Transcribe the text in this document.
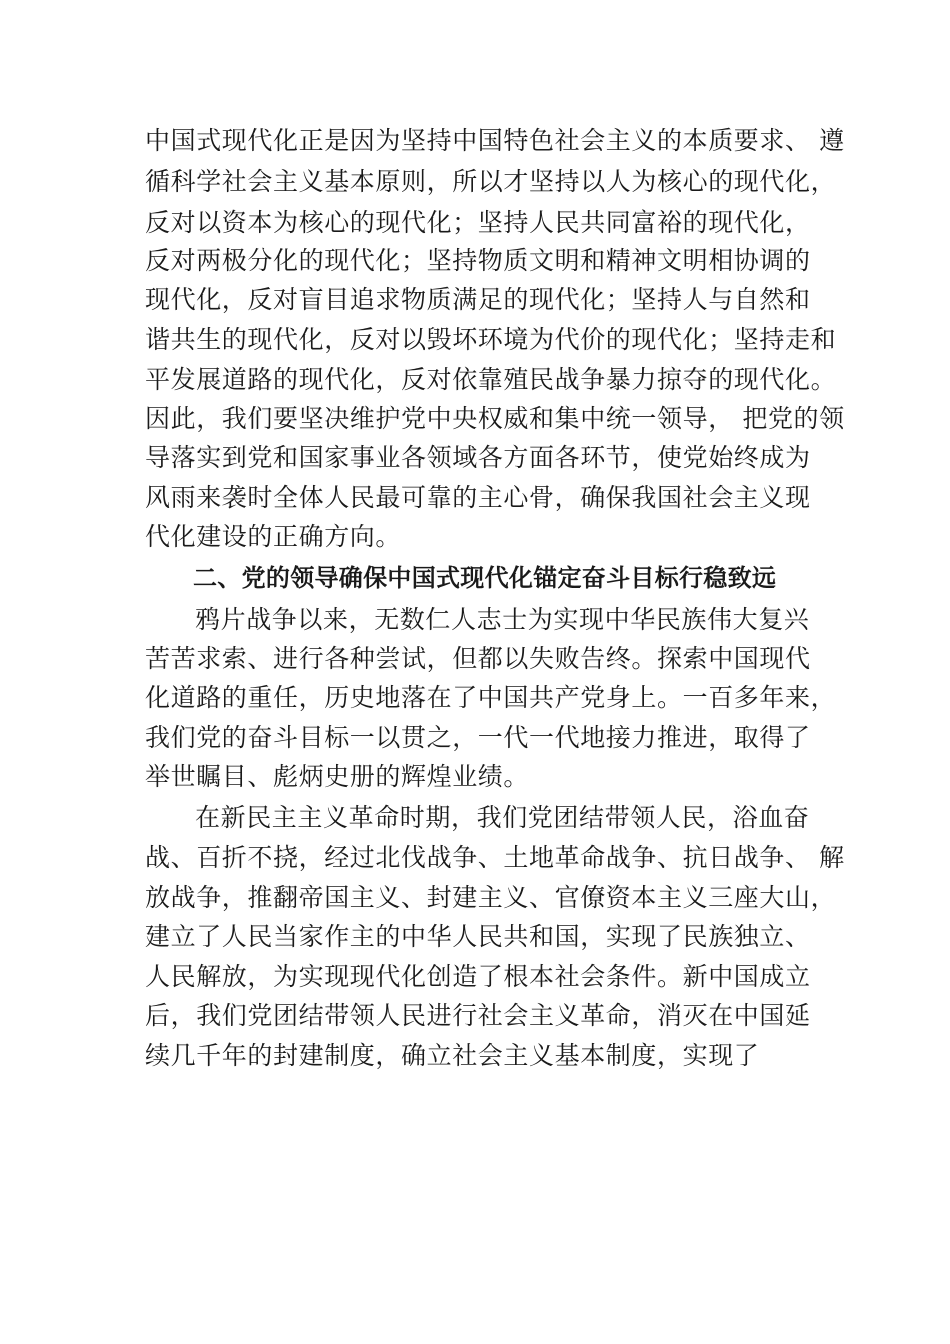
中国式现代化正是因为坚持中国特色社会主义的本质要求、 遵
循科学社会主义基本原则，所以才坚持以人为核心的现代化，
反对以资本为核心的现代化；坚持人民共同富裕的现代化，
反对两极分化的现代化；坚持物质文明和精神文明相协调的
现代化，反对盲目追求物质满足的现代化；坚持人与自然和
谐共生的现代化，反对以毁坏环境为代价的现代化；坚持走和
平发展道路的现代化，反对依靠殖民战争暴力掠夺的现代化。
因此，我们要坚决维护党中央权威和集中统一领导， 把党的领
导落实到党和国家事业各领域各方面各环节，使党始终成为
风雨来袭时全体人民最可靠的主心骨，确保我国社会主义现
代化建设的正确方向。
二、党的领导确保中国式现代化锚定奋斗目标行稳致远
鸦片战争以来，无数仁人志士为实现中华民族伟大复兴
苦苦求索、进行各种尝试，但都以失败告终。探索中国现代
化道路的重任，历史地落在了中国共产党身上。一百多年来，
我们党的奋斗目标一以贯之，一代一代地接力推进，取得了
举世瞩目、彪炳史册的辉煌业绩。
在新民主主义革命时期，我们党团结带领人民，浴血奋
战、百折不挠，经过北伐战争、土地革命战争、抗日战争、 解
放战争，推翻帝国主义、封建主义、官僚资本主义三座大山，
建立了人民当家作主的中华人民共和国，实现了民族独立、
人民解放，为实现现代化创造了根本社会条件。新中国成立
后，我们党团结带领人民进行社会主义革命，消灭在中国延
续几千年的封建制度，确立社会主义基本制度，实现了
